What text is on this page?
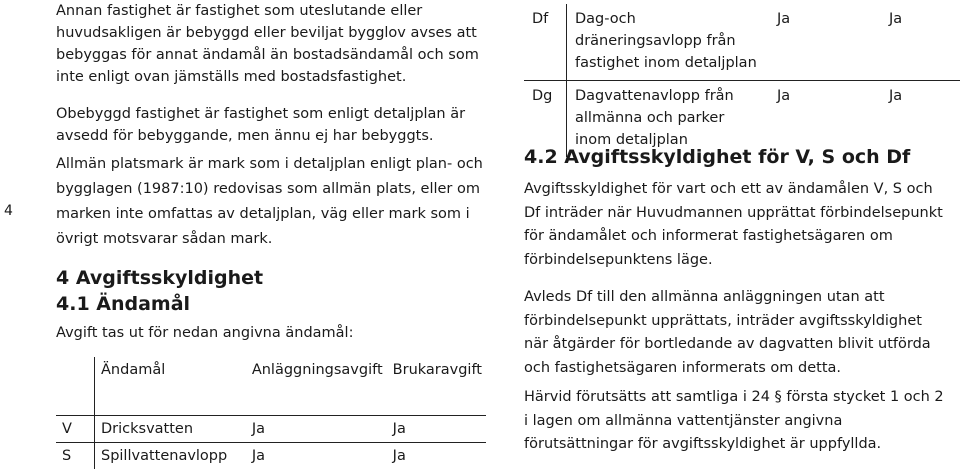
4

Annan fastighet är fastighet som uteslutande eller huvudsakligen är bebyggd eller beviljat bygglov avses att bebyggas för annat ändamål än bostadsändamål och som inte enligt ovan jämställs med bostadsfastighet.

Obebyggd fastighet är fastighet som enligt detaljplan är avsedd för bebyggande, men ännu ej har bebyggts.

Allmän platsmark är mark som i detaljplan enligt plan- och bygglagen (1987:10) redovisas som allmän plats, eller om marken inte omfattas av detaljplan, väg eller mark som i övrigt motsvarar sådan mark.

4 Avgiftsskyldighet
4.1 Ändamål

Avgift tas ut för nedan angivna ändamål:

	Ändamål	Anläggningsavgift	Brukaravgift
V	Dricksvatten	Ja	Ja
S	Spillvattenavlopp	Ja	Ja
Df	Dag-och dräneringsavlopp från fastighet inom detaljplan	Ja	Ja
Dg	Dagvattenavlopp från allmänna och parker inom detaljplan	Ja	Ja
4.2 Avgiftsskyldighet för V, S och Df

Avgiftsskyldighet för vart och ett av ändamålen V, S och Df inträder när Huvudmannen upprättat förbindelsepunkt för ändamålet och informerat fastighetsägaren om förbindelsepunktens läge.

Avleds Df till den allmänna anläggningen utan att förbindelsepunkt upprättats, inträder avgiftsskyldighet när åtgärder för bortledande av dagvatten blivit utförda och fastighetsägaren informerats om detta.

Härvid förutsätts att samtliga i 24 § första stycket 1 och 2 i lagen om allmänna vattentjänster angivna förutsättningar för avgiftsskyldighet är uppfyllda.
